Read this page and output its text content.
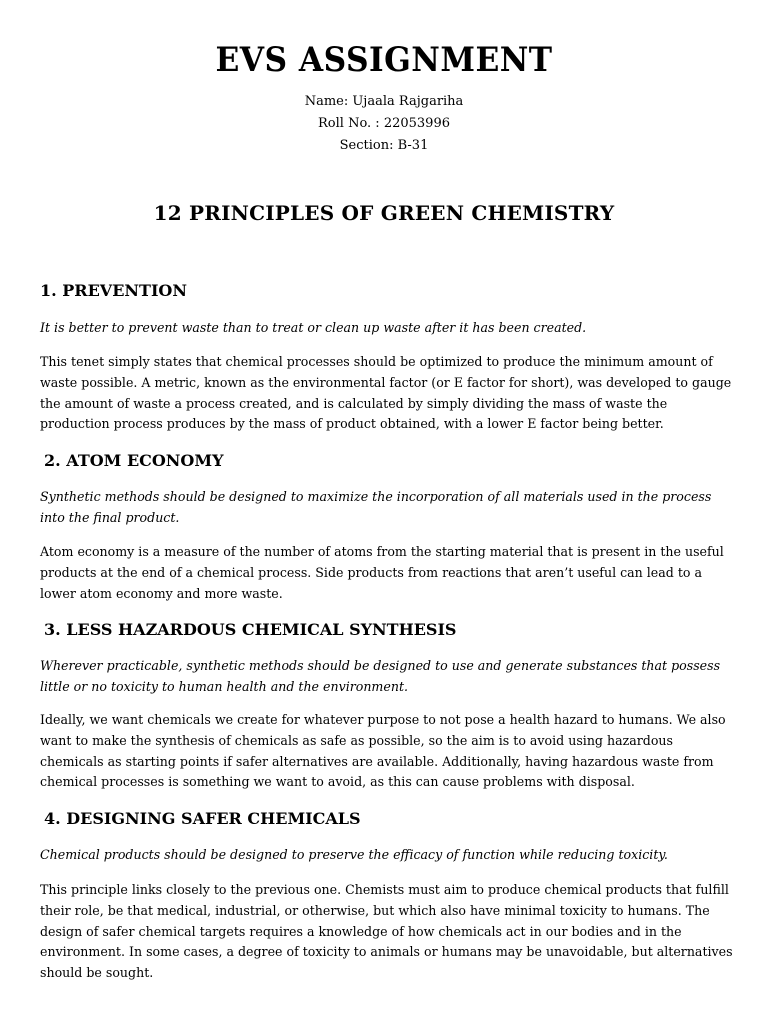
EVS ASSIGNMENT
Name: Ujaala Rajgariha
Roll No. : 22053996
Section: B-31
12 PRINCIPLES OF GREEN CHEMISTRY
1. PREVENTION
It is better to prevent waste than to treat or clean up waste after it has been created.
This tenet simply states that chemical processes should be optimized to produce the minimum amount of waste possible. A metric, known as the environmental factor (or E factor for short), was developed to gauge the amount of waste a process created, and is calculated by simply dividing the mass of waste the production process produces by the mass of product obtained, with a lower E factor being better.
2. ATOM ECONOMY
Synthetic methods should be designed to maximize the incorporation of all materials used in the process into the final product.
Atom economy is a measure of the number of atoms from the starting material that is present in the useful products at the end of a chemical process. Side products from reactions that aren’t useful can lead to a lower atom economy and more waste.
3. LESS HAZARDOUS CHEMICAL SYNTHESIS
Wherever practicable, synthetic methods should be designed to use and generate substances that possess little or no toxicity to human health and the environment.
Ideally, we want chemicals we create for whatever purpose to not pose a health hazard to humans. We also want to make the synthesis of chemicals as safe as possible, so the aim is to avoid using hazardous chemicals as starting points if safer alternatives are available. Additionally, having hazardous waste from chemical processes is something we want to avoid, as this can cause problems with disposal.
4. DESIGNING SAFER CHEMICALS
Chemical products should be designed to preserve the efficacy of function while reducing toxicity.
This principle links closely to the previous one. Chemists must aim to produce chemical products that fulfill their role, be that medical, industrial, or otherwise, but which also have minimal toxicity to humans. The design of safer chemical targets requires a knowledge of how chemicals act in our bodies and in the environment. In some cases, a degree of toxicity to animals or humans may be unavoidable, but alternatives should be sought.
